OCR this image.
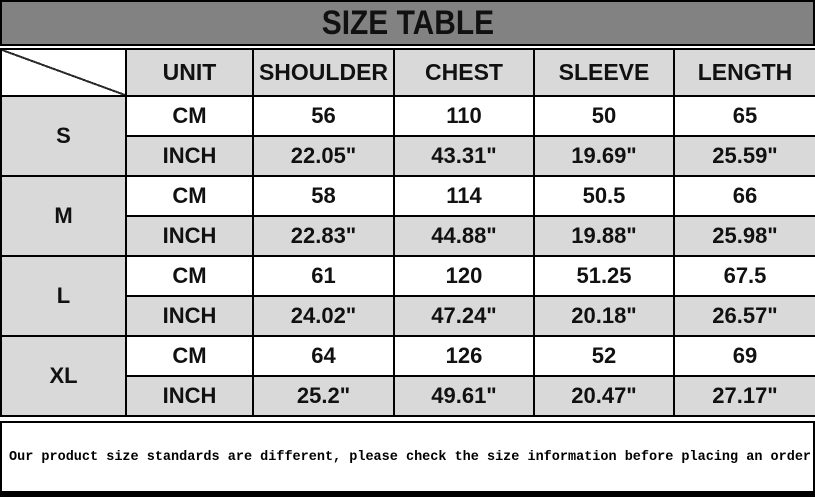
SIZE TABLE
	UNIT	SHOULDER	CHEST	SLEEVE	LENGTH
S	CM	56	110	50	65
	INCH	22.05"	43.31"	19.69"	25.59"
M	CM	58	114	50.5	66
	INCH	22.83"	44.88"	19.88"	25.98"
L	CM	61	120	51.25	67.5
	INCH	24.02"	47.24"	20.18"	26.57"
XL	CM	64	126	52	69
	INCH	25.2"	49.61"	20.47"	27.17"
Our product size standards are different, please check the size information before placing an order
